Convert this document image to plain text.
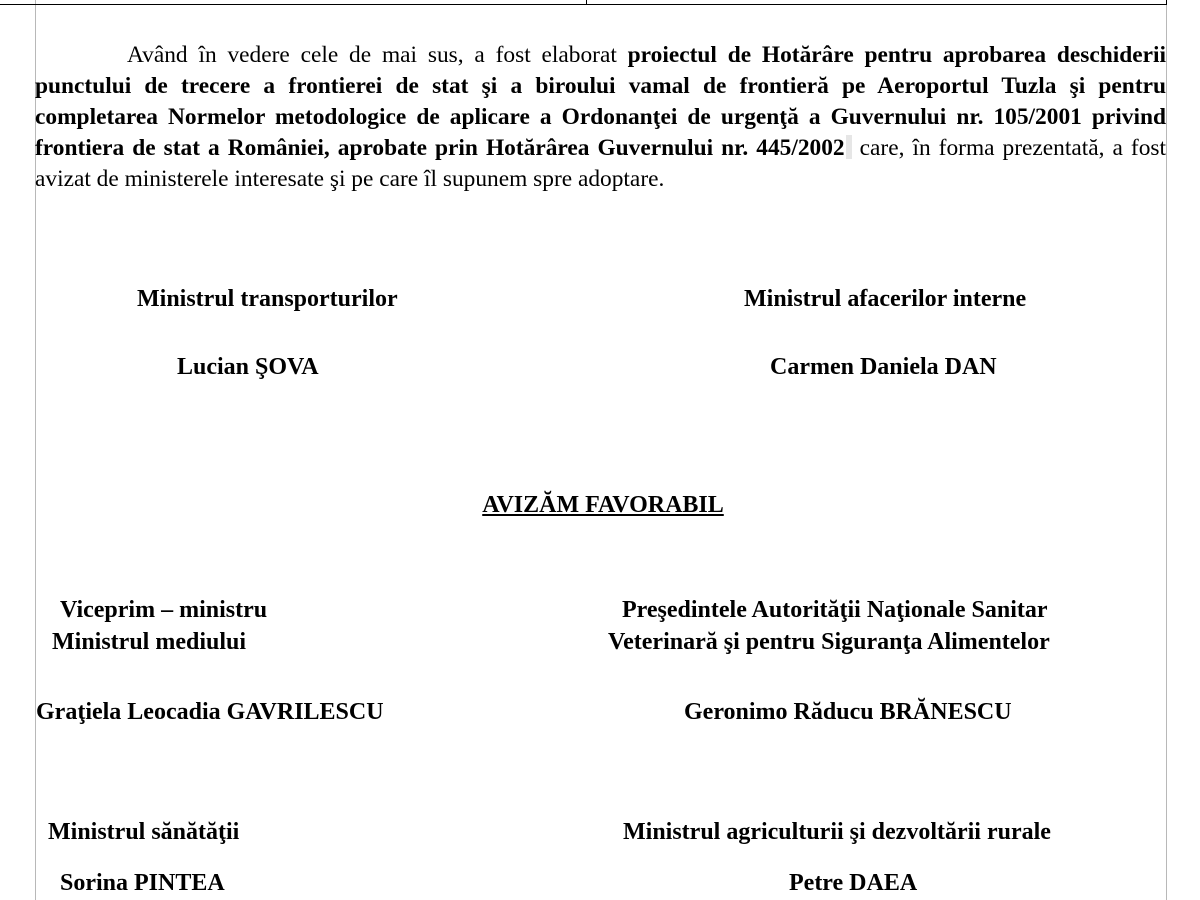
Având în vedere cele de mai sus, a fost elaborat proiectul de Hotărâre pentru aprobarea deschiderii punctului de trecere a frontierei de stat şi a biroului vamal de frontieră pe Aeroportul Tuzla şi pentru completarea Normelor metodologice de aplicare a Ordonanţei de urgenţă a Guvernului nr. 105/2001 privind frontiera de stat a României, aprobate prin Hotărârea Guvernului nr. 445/2002 care, în forma prezentată, a fost avizat de ministerele interesate şi pe care îl supunem spre adoptare.

Ministrul transporturilor
Lucian ŞOVA
Ministrul afacerilor interne
Carmen Daniela DAN
AVIZĂM FAVORABIL
Viceprim – ministru
Ministrul mediului
Graţiela Leocadia GAVRILESCU
Preşedintele Autorităţii Naţionale Sanitar
Veterinară şi pentru Siguranţa Alimentelor
Geronimo Răducu BRĂNESCU
Ministrul sănătăţii
Sorina PINTEA
Ministrul agriculturii şi dezvoltării rurale
Petre DAEA
